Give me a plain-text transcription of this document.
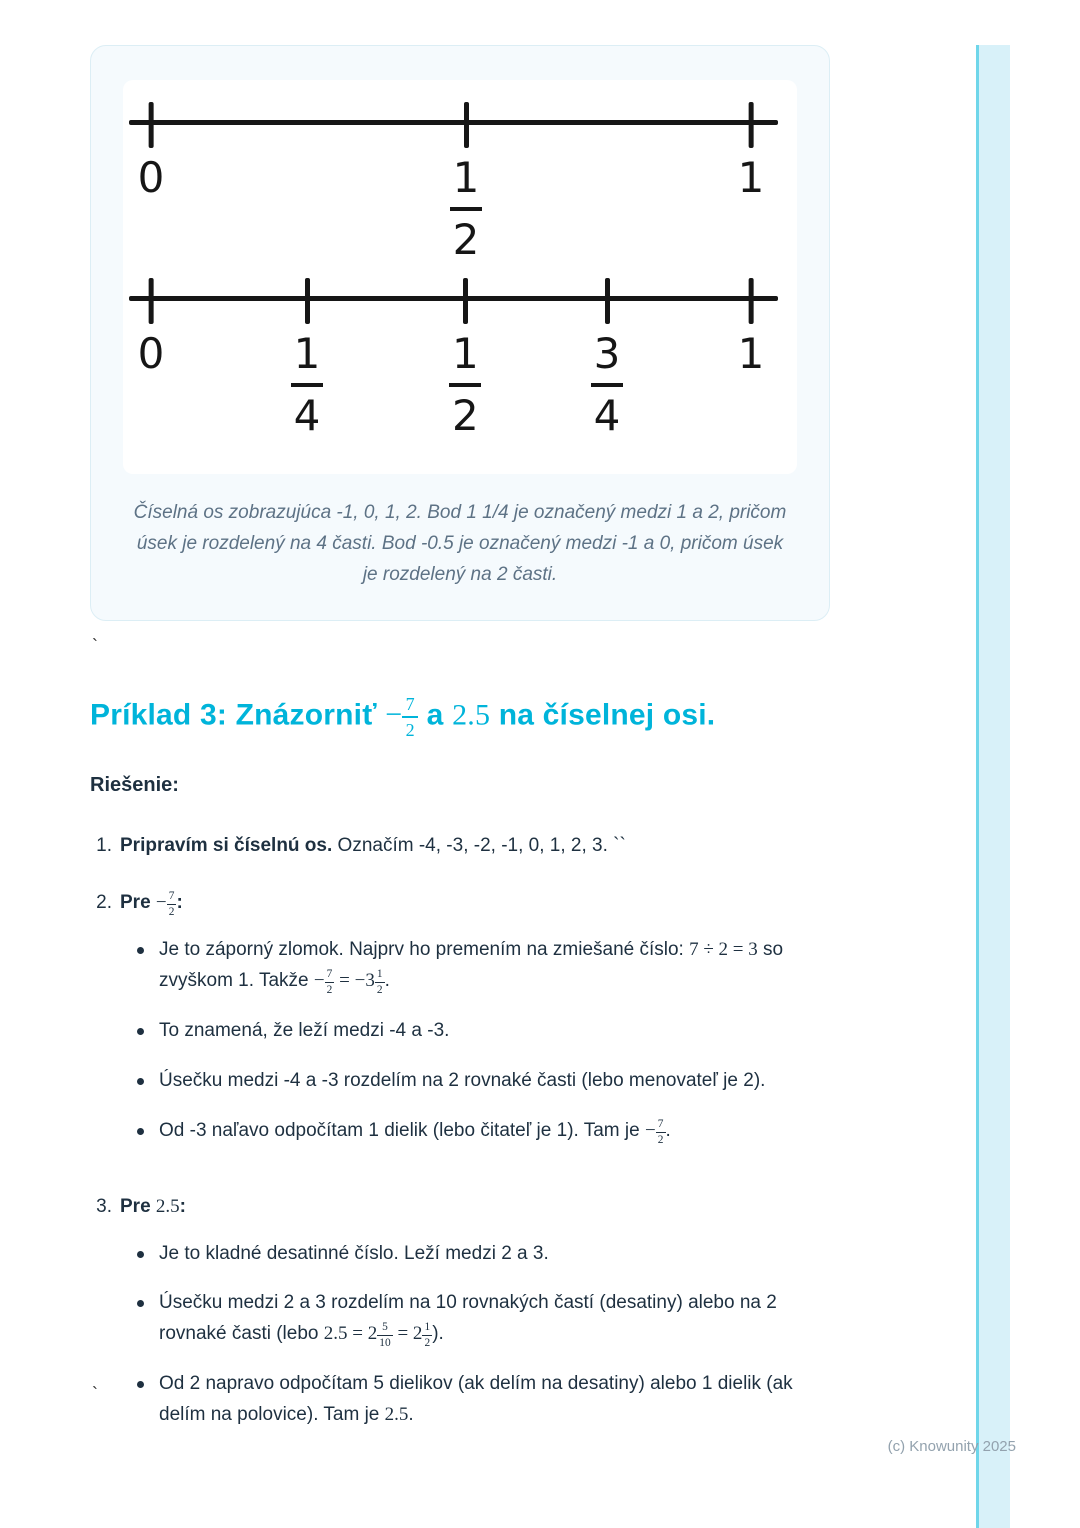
0	$\frac{1}{2}$	1
0	$\frac{1}{4}$	$\frac{1}{2}$	$\frac{3}{4}$	1
Číselná os zobrazujúca -1, 0, 1, 2. Bod 1 1/4 je označený medzi 1 a 2, pričom úsek je rozdelený na 4 časti. Bod -0.5 je označený medzi -1 a 0, pričom úsek je rozdelený na 2 časti.
`
Príklad 3: Znázorniť − $\frac{7}{2}$ a 2.5 na číselnej osi.
Riešenie:
1. Pripravím si číselnú os. Označím -4, -3, -2, -1, 0, 1, 2, 3. ``
2. Pre − $\frac{7}{2}$ :
Je to záporný zlomok. Najprv ho premením na zmiešané číslo: 7 ÷ 2 = 3 so zvyškom 1. Takže − $\frac{7}{2} = -3 \frac{1}{2}$ .
To znamená, že leží medzi -4 a -3.
Úsečku medzi -4 a -3 rozdelím na 2 rovnaké časti (lebo menovateľ je 2).
Od -3 naľavo odpočítam 1 dielik (lebo čitateľ je 1). Tam je − $\frac{7}{2}$ .
3. Pre 2.5:
Je to kladné desatinné číslo. Leží medzi 2 a 3.
Úsečku medzi 2 a 3 rozdelím na 10 rovnakých častí (desatiny) alebo na 2 rovnaké časti (lebo $2.5 = 2 \frac{5}{10} = 2 \frac{1}{2}$ ).
Od 2 napravo odpočítam 5 dielikov (ak delím na desatiny) alebo 1 dielik (ak delím na polovice). Tam je 2.5.
`
(c) Knowunity 2025
